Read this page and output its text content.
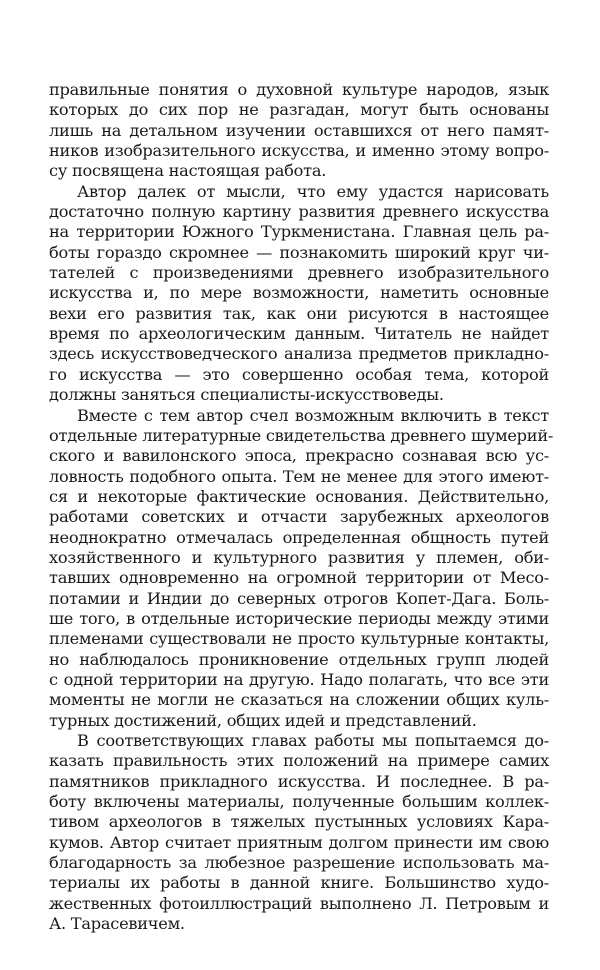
правильные понятия о духовной культуре народов, язык
которых до сих пор не разгадан, могут быть основаны
лишь на детальном изучении оставшихся от него памят-
ников изобразительного искусства, и именно этому вопро-
су посвящена настоящая работа.
Автор далек от мысли, что ему удастся нарисовать
достаточно полную картину развития древнего искусства
на территории Южного Туркменистана. Главная цель ра-
боты гораздо скромнее — познакомить широкий круг чи-
тателей с произведениями древнего изобразительного
искусства и, по мере возможности, наметить основные
вехи его развития так, как они рисуются в настоящее
время по археологическим данным. Читатель не найдет
здесь искусствоведческого анализа предметов прикладно-
го искусства — это совершенно особая тема, которой
должны заняться специалисты-искусствоведы.
Вместе с тем автор счел возможным включить в текст
отдельные литературные свидетельства древнего шумерий-
ского и вавилонского эпоса, прекрасно сознавая всю ус-
ловность подобного опыта. Тем не менее для этого имеют-
ся и некоторые фактические основания. Действительно,
работами советских и отчасти зарубежных археологов
неоднократно отмечалась определенная общность путей
хозяйственного и культурного развития у племен, оби-
тавших одновременно на огромной территории от Месо-
потамии и Индии до северных отрогов Копет-Дага. Боль-
ше того, в отдельные исторические периоды между этими
племенами существовали не просто культурные контакты,
но наблюдалось проникновение отдельных групп людей
с одной территории на другую. Надо полагать, что все эти
моменты не могли не сказаться на сложении общих куль-
турных достижений, общих идей и представлений.
В соответствующих главах работы мы попытаемся до-
казать правильность этих положений на примере самих
памятников прикладного искусства. И последнее. В ра-
боту включены материалы, полученные большим коллек-
тивом археологов в тяжелых пустынных условиях Кара-
кумов. Автор считает приятным долгом принести им свою
благодарность за любезное разрешение использовать ма-
териалы их работы в данной книге. Большинство худо-
жественных фотоиллюстраций выполнено Л. Петровым и
А. Тарасевичем.
